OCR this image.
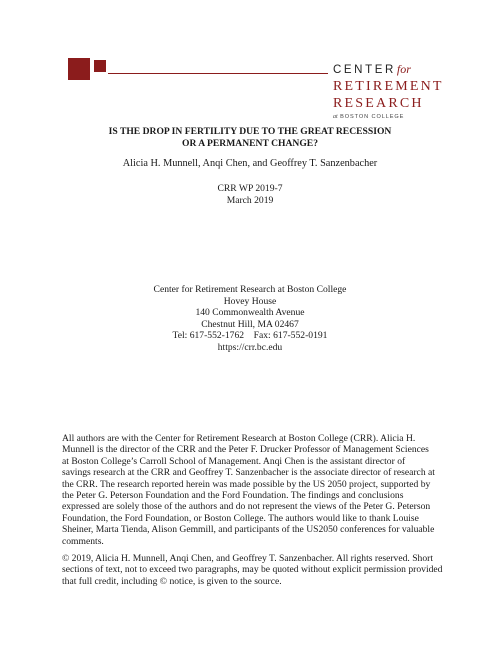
CENTERfor
RETIREMENT
RESEARCH
at BOSTON COLLEGE
IS THE DROP IN FERTILITY DUE TO THE GREAT RECESSION
OR A PERMANENT CHANGE?
Alicia H. Munnell, Anqi Chen, and Geoffrey T. Sanzenbacher
CRR WP 2019-7
March 2019
Center for Retirement Research at Boston College
Hovey House
140 Commonwealth Avenue
Chestnut Hill, MA 02467
Tel: 617-552-1762    Fax: 617-552-0191
https://crr.bc.edu
All authors are with the Center for Retirement Research at Boston College (CRR). Alicia H.
Munnell is the director of the CRR and the Peter F. Drucker Professor of Management Sciences
at Boston College’s Carroll School of Management. Anqi Chen is the assistant director of
savings research at the CRR and Geoffrey T. Sanzenbacher is the associate director of research at
the CRR. The research reported herein was made possible by the US 2050 project, supported by
the Peter G. Peterson Foundation and the Ford Foundation. The findings and conclusions
expressed are solely those of the authors and do not represent the views of the Peter G. Peterson
Foundation, the Ford Foundation, or Boston College. The authors would like to thank Louise
Sheiner, Marta Tienda, Alison Gemmill, and participants of the US2050 conferences for valuable
comments.
© 2019, Alicia H. Munnell, Anqi Chen, and Geoffrey T. Sanzenbacher. All rights reserved. Short
sections of text, not to exceed two paragraphs, may be quoted without explicit permission provided
that full credit, including © notice, is given to the source.
